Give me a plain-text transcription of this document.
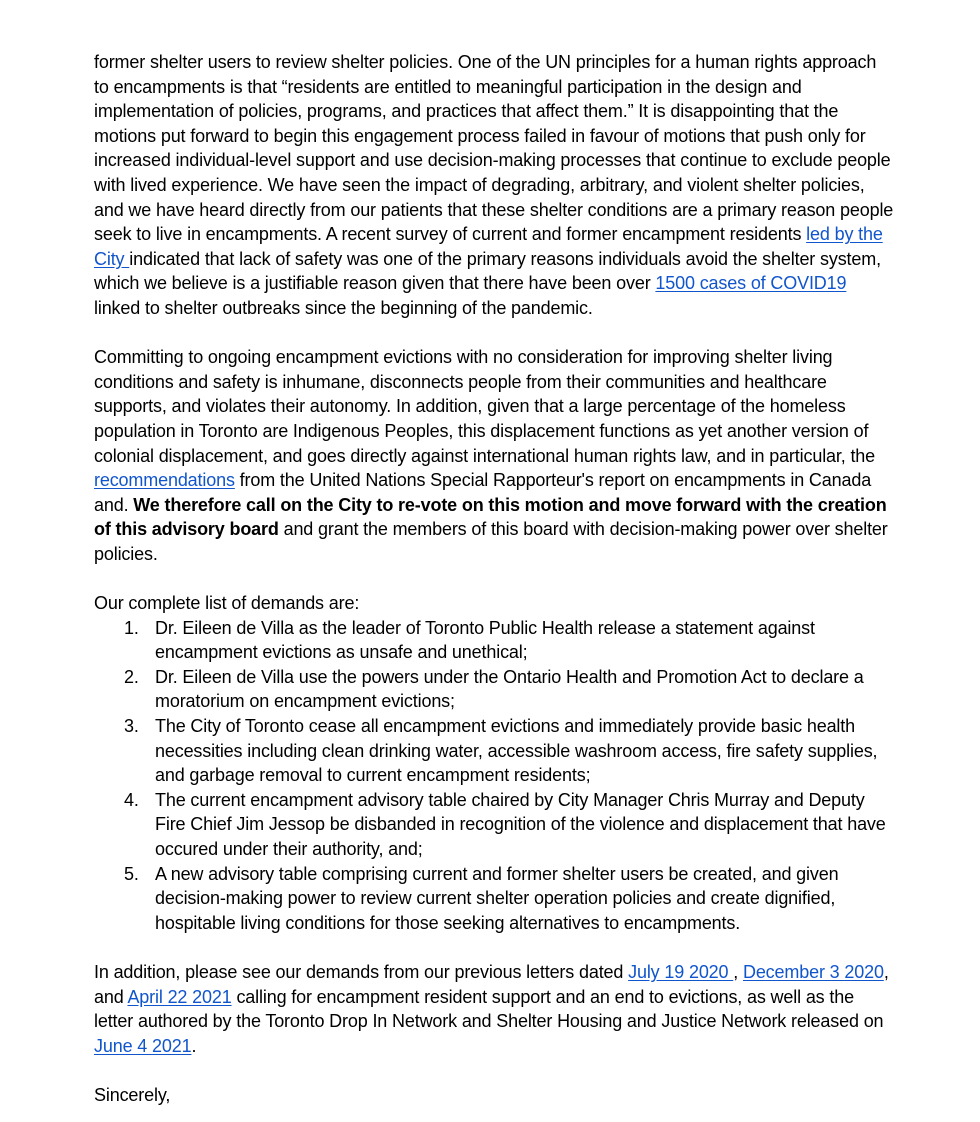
former shelter users to review shelter policies. One of the UN principles for a human rights approach to encampments is that “residents are entitled to meaningful participation in the design and implementation of policies, programs, and practices that affect them.” It is disappointing that the motions put forward to begin this engagement process failed in favour of motions that push only for increased individual-level support and use decision-making processes that continue to exclude people with lived experience. We have seen the impact of degrading, arbitrary, and violent shelter policies, and we have heard directly from our patients that these shelter conditions are a primary reason people seek to live in encampments. A recent survey of current and former encampment residents led by the City indicated that lack of safety was one of the primary reasons individuals avoid the shelter system, which we believe is a justifiable reason given that there have been over 1500 cases of COVID19 linked to shelter outbreaks since the beginning of the pandemic.

Committing to ongoing encampment evictions with no consideration for improving shelter living conditions and safety is inhumane, disconnects people from their communities and healthcare supports, and violates their autonomy. In addition, given that a large percentage of the homeless population in Toronto are Indigenous Peoples, this displacement functions as yet another version of colonial displacement, and goes directly against international human rights law, and in particular, the recommendations from the United Nations Special Rapporteur's report on encampments in Canada and. We therefore call on the City to re-vote on this motion and move forward with the creation of this advisory board and grant the members of this board with decision-making power over shelter policies.

Our complete list of demands are:

1. Dr. Eileen de Villa as the leader of Toronto Public Health release a statement against encampment evictions as unsafe and unethical;
2. Dr. Eileen de Villa use the powers under the Ontario Health and Promotion Act to declare a moratorium on encampment evictions;
3. The City of Toronto cease all encampment evictions and immediately provide basic health necessities including clean drinking water, accessible washroom access, fire safety supplies, and garbage removal to current encampment residents;
4. The current encampment advisory table chaired by City Manager Chris Murray and Deputy Fire Chief Jim Jessop be disbanded in recognition of the violence and displacement that have occured under their authority, and;
5. A new advisory table comprising current and former shelter users be created, and given decision-making power to review current shelter operation policies and create dignified, hospitable living conditions for those seeking alternatives to encampments.

In addition, please see our demands from our previous letters dated July 19 2020 , December 3 2020, and April 22 2021 calling for encampment resident support and an end to evictions, as well as the letter authored by the Toronto Drop In Network and Shelter Housing and Justice Network released on June 4 2021.

Sincerely,
